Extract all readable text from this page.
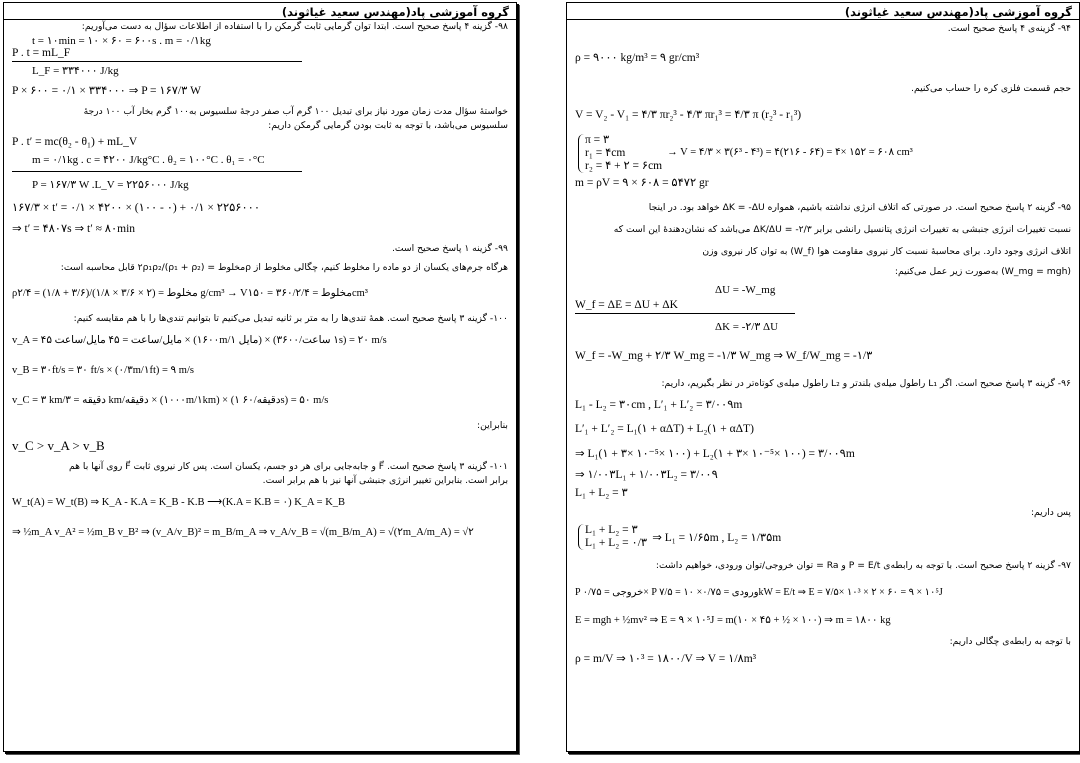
گروه آموزشی پاد(مهندس سعید غیاثوند)
۹۸- گزینه ۴ پاسخ صحیح است. ابتدا توان گرمایی ثابت گرمکن را با استفاده از اطلاعات سؤال به دست می‌آوریم:
t = ۱۰min = ۱۰ × ۶۰ = ۶۰۰s . m = ۰/۱kg
P . t = mL_F
L_F = ۳۳۴۰۰۰ J/kg
P × ۶۰۰ = ۰/۱ × ۳۳۴۰۰۰ ⇒ P = ۱۶۷/۳ W
خواستهٔ سؤال مدت زمان مورد نیاز برای تبدیل ۱۰۰ گرم آب صفر درجهٔ سلسیوس به۱۰۰ گرم بخار آب ۱۰۰ درجهٔ
سلسیوس می‌باشد، با توجه به ثابت بودن گرمایی گرمکن داریم:
P . t′ = mc(θ₂ - θ₁) + mL_V
m = ۰/۱kg . c = ۴۲۰۰ J/kg°C . θ₂ = ۱۰۰°C . θ₁ = ۰°C
P = ۱۶۷/۳ W .L_V = ۲۲۵۶۰۰۰ J/kg
۱۶۷/۳ × t′ = ۰/۱ × ۴۲۰۰ × (۱۰۰ - ۰) + ۰/۱ × ۲۲۵۶۰۰۰
⇒ t′ = ۴۸۰۷s ⇒ t′ ≈ ۸۰min
۹۹- گزینه ۱ پاسخ صحیح است.
هرگاه جرم‌های یکسان از دو ماده را مخلوط کنیم، چگالی مخلوط از ρمخلوط = ۲ρ₁ρ₂/(ρ₁ + ρ₂) قابل محاسبه است:
ρمخلوط = (۲ × ۳/۶ × ۱/۸)/(۳/۶ + ۱/۸) = ۲/۴ g/cm³ → Vمخلوط = ۳۶۰/۲/۴ = ۱۵۰cm³
۱۰۰- گزینه ۳ پاسخ صحیح است. همهٔ تندی‌ها را به متر بر ثانیه تبدیل می‌کنیم تا بتوانیم تندی‌ها را با هم مقایسه کنیم:
v_A = ۴۵ مایل/ساعت = ۴۵ مایل/ساعت × (۱۶۰۰m/۱ مایل) × (۱ ساعت/۳۶۰۰s) = ۲۰ m/s
v_B = ۳۰ft/s = ۳۰ ft/s × (۰/۳m/۱ft) = ۹ m/s
v_C = ۳ km/دقیقه = ۳ km/دقیقه × (۱۰۰۰m/۱km) × (۱ دقیقه/۶۰s) = ۵۰ m/s
بنابراین:
v_C > v_A > v_B
۱۰۱- گزینه ۳ پاسخ صحیح است. F⃗ و جابه‌جایی برای هر دو جسم، یکسان است. پس کار نیروی ثابت F⃗ روی آنها با هم
برابر است. بنابراین تغییر انرژی جنبشی آنها نیز با هم برابر است.
W_t(A) = W_t(B) ⇒ K_A - K.A = K_B - K.B ⟶(K.A = K.B = ۰) K_A = K_B
⇒ ½m_A v_A² = ½m_B v_B² ⇒ (v_A/v_B)² = m_B/m_A ⇒ v_A/v_B = √(m_B/m_A) = √(۲m_A/m_A) = √۲
گروه آموزشی پاد(مهندس سعید غیاثوند)
۹۴- گزینه‌ی ۴ پاسخ صحیح است.
ρ = ۹۰۰۰ kg/m³ = ۹ gr/cm³
حجم قسمت فلزی کره را حساب می‌کنیم.
V = V₂ - V₁ = ۴/۳ πr₂³ - ۴/۳ πr₁³ = ۴/۳ π (r₂³ - r₁³)
π = ۳
r₁ = ۴cm
r₂ = ۴ + ۲ = ۶cm
→ V = ۴/۳ × ۳(۶³ - ۴³) = ۴(۲۱۶ - ۶۴) = ۴× ۱۵۲ = ۶۰۸ cm³
m = ρV = ۹ × ۶۰۸ = ۵۴۷۲ gr
۹۵- گزینه ۲ پاسخ صحیح است. در صورتی که اتلاف انرژی نداشته باشیم، همواره ΔK = -ΔU خواهد بود. در اینجا
نسبت تغییرات انرژی جنبشی به تغییرات انرژی پتانسیل رانشی برابر ΔK/ΔU = -۲/۳ می‌باشد که نشان‌دهندهٔ این است که
اتلاف انرژی وجود دارد. برای محاسبهٔ نسبت کار نیروی مقاومت هوا (W_f) به توان کار نیروی وزن
(W_mg = mgh) به‌صورت زیر عمل می‌کنیم:
ΔU = -W_mg
W_f = ΔE = ΔU + ΔK
ΔK = -۲/۳ ΔU
W_f = -W_mg + ۲/۳ W_mg = -۱/۳ W_mg ⇒ W_f/W_mg = -۱/۳
۹۶- گزینه ۳ پاسخ صحیح است. اگر L₁ راطول میله‌ی بلندتر و L₂ راطول میله‌ی کوتاه‌تر در نظر بگیریم، داریم:
L₁ - L₂ = ۳۰cm , L′₁ + L′₂ = ۳/۰۰۹m
L′₁ + L′₂ = L₁(۱ + αΔT) + L₂(۱ + αΔT)
⇒ L₁(۱ + ۳× ۱۰⁻⁵× ۱۰۰) + L₂(۱ + ۳× ۱۰⁻⁵× ۱۰۰) = ۳/۰۰۹m
⇒ ۱/۰۰۳L₁ + ۱/۰۰۳L₂ = ۳/۰۰۹
L₁ + L₂ = ۳
پس داریم:
L₁ + L₂ = ۳
L₁ + L₂ = ۰/۳ ⇒ L₁ = ۱/۶۵m , L₂ = ۱/۳۵m
۹۷- گزینه ۲ پاسخ صحیح است. با توجه به رابطه‌ی P = E/t و Ra = توان خروجی/توان ورودی، خواهیم داشت:
P خروجی = ۰/۷۵× P ورودی = ۰/۷۵× ۱۰ = ۷/۵kW = E/t ⇒ E = ۷/۵× ۱۰³ × ۲ × ۶۰ = ۹ × ۱۰⁵J
E = mgh + ½mv² ⇒ E = ۹ × ۱۰⁵J = m(۱۰ × ۴۵ + ½ × ۱۰۰) ⇒ m = ۱۸۰۰ kg
با توجه به رابطه‌ی چگالی داریم:
ρ = m/V ⇒ ۱۰³ = ۱۸۰۰/V ⇒ V = ۱/۸m³
